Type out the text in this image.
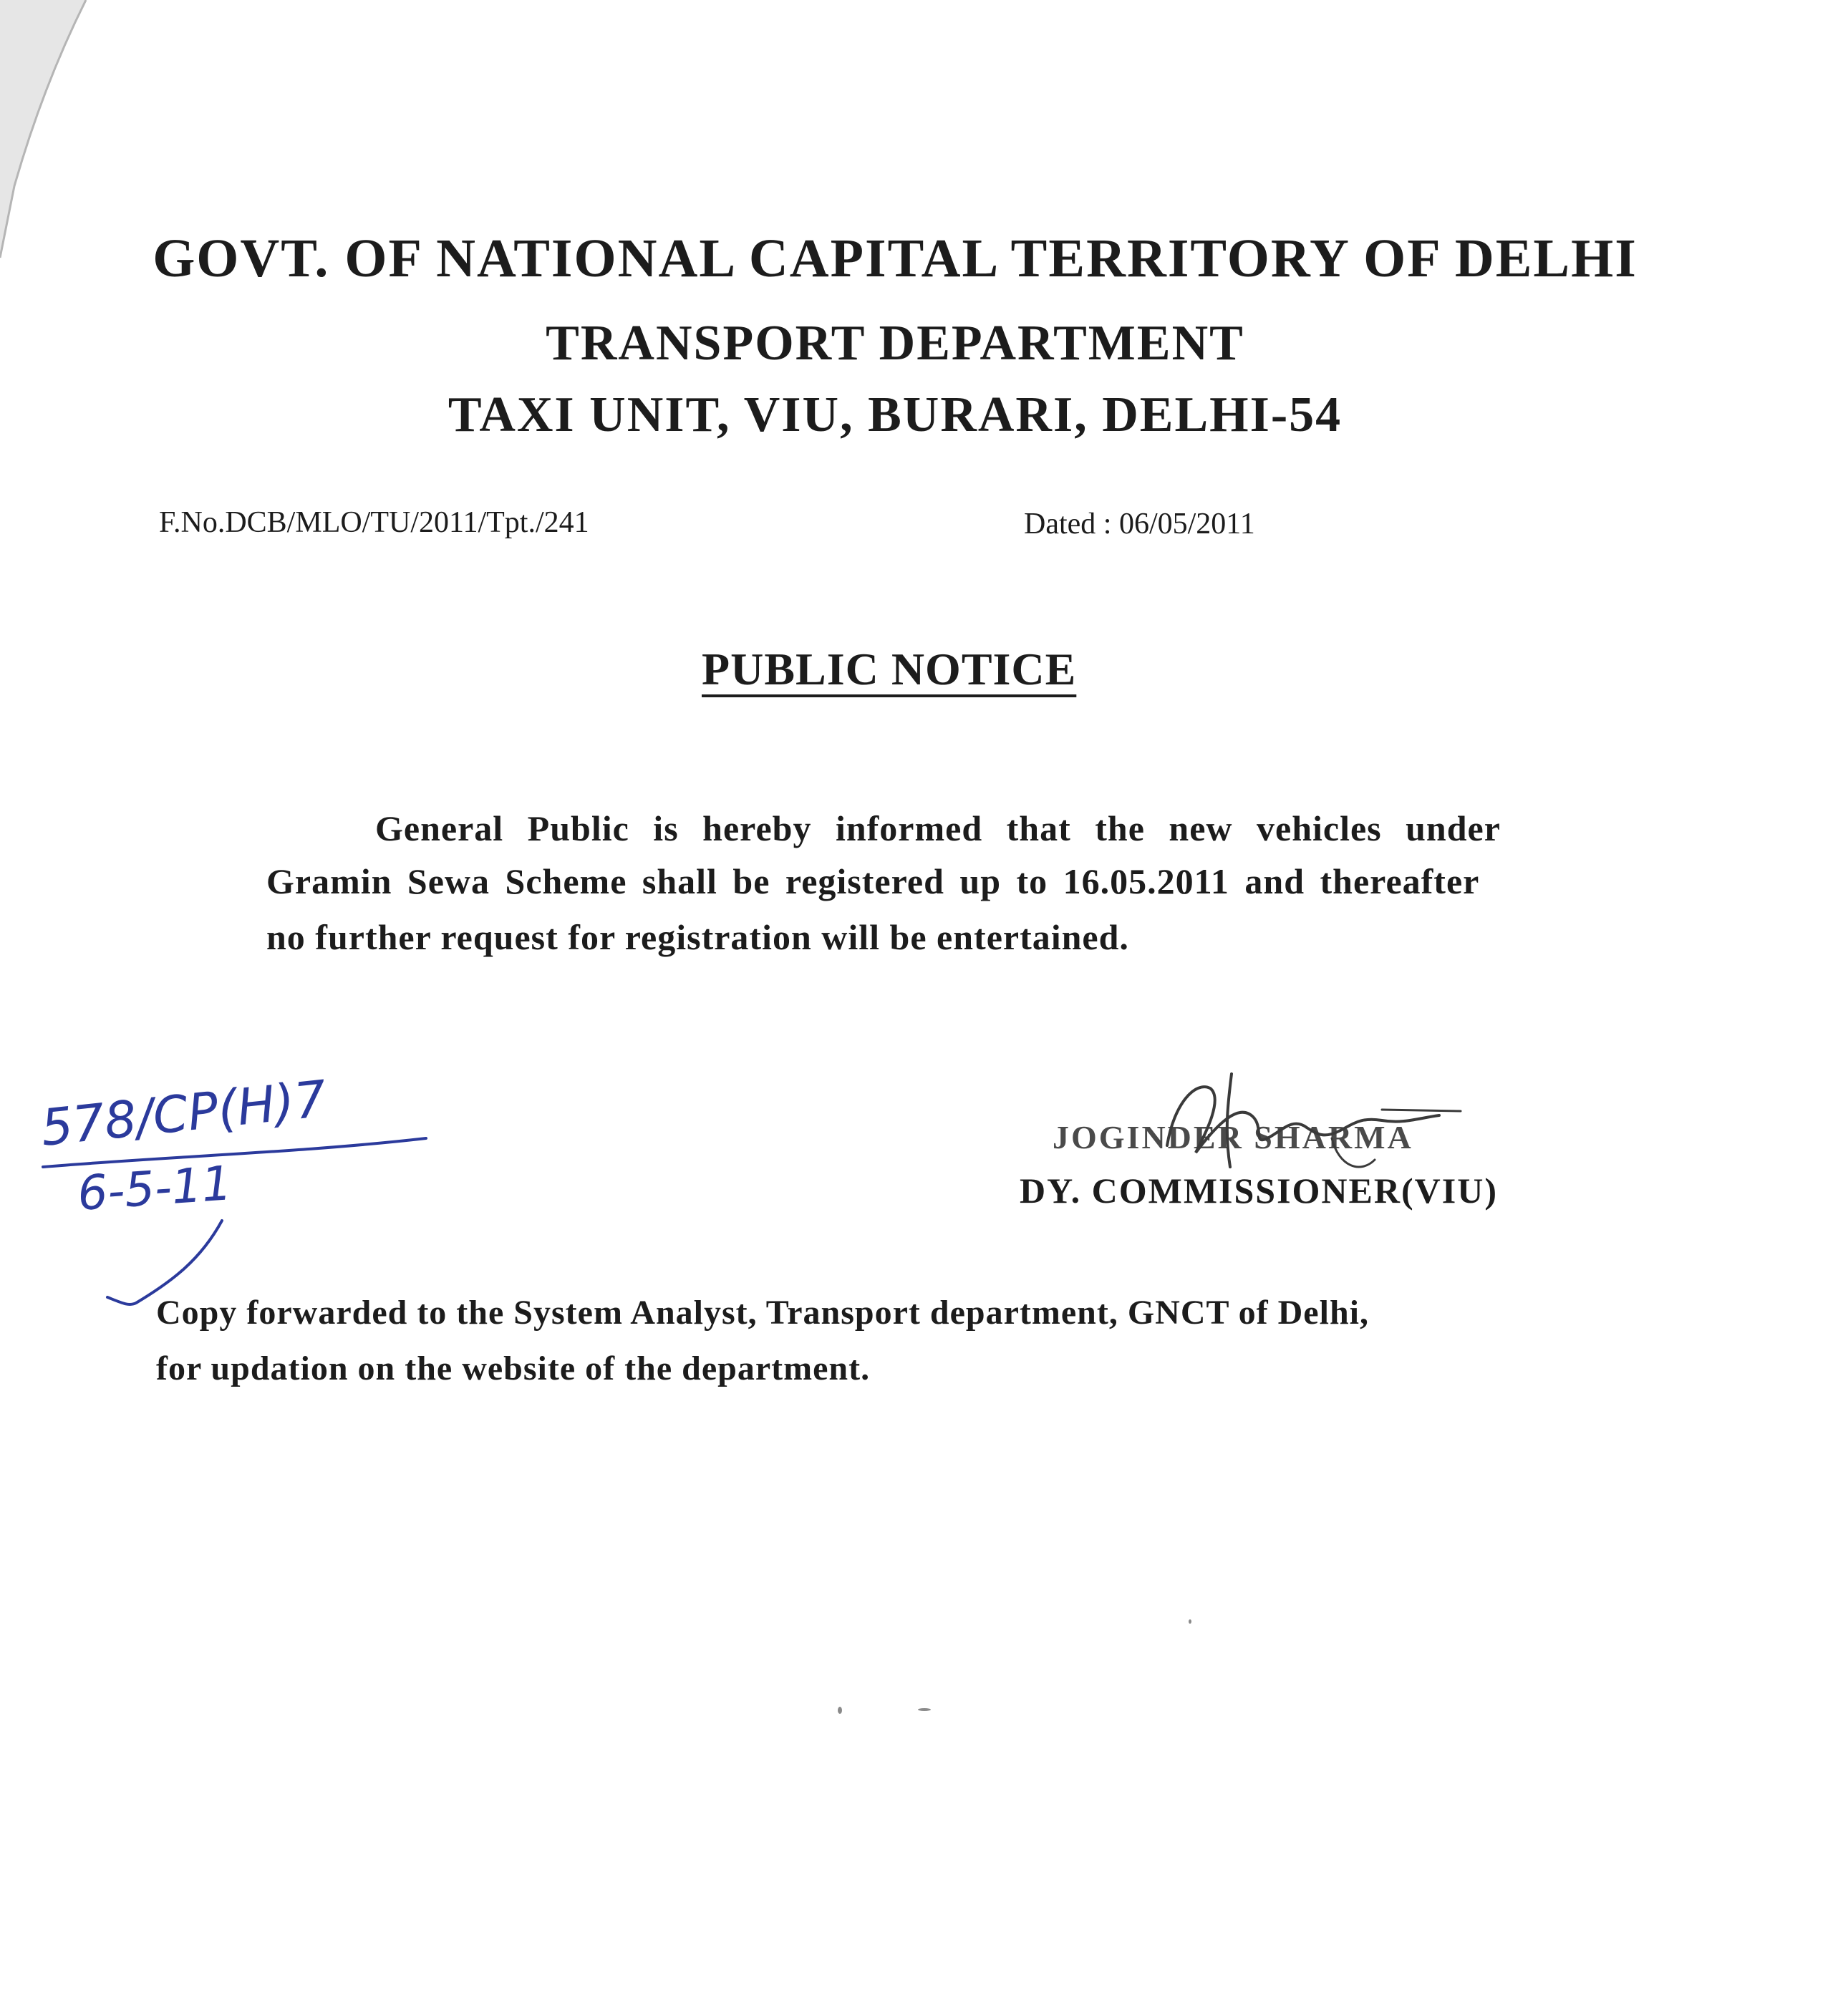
GOVT. OF NATIONAL CAPITAL TERRITORY OF DELHI
TRANSPORT DEPARTMENT
TAXI UNIT, VIU, BURARI, DELHI-54
F.No.DCB/MLO/TU/2011/Tpt./241	Dated : 06/05/2011
PUBLIC NOTICE
General Public is hereby informed that the new vehicles under
Gramin Sewa Scheme shall be registered up to 16.05.2011 and thereafter
no further request for registration will be entertained.
JOGINDER SHARMA
DY. COMMISSIONER(VIU)
578/CP(H)7
6-5-11
Copy forwarded to the System Analyst, Transport department, GNCT of Delhi,
for updation on the website of the department.
